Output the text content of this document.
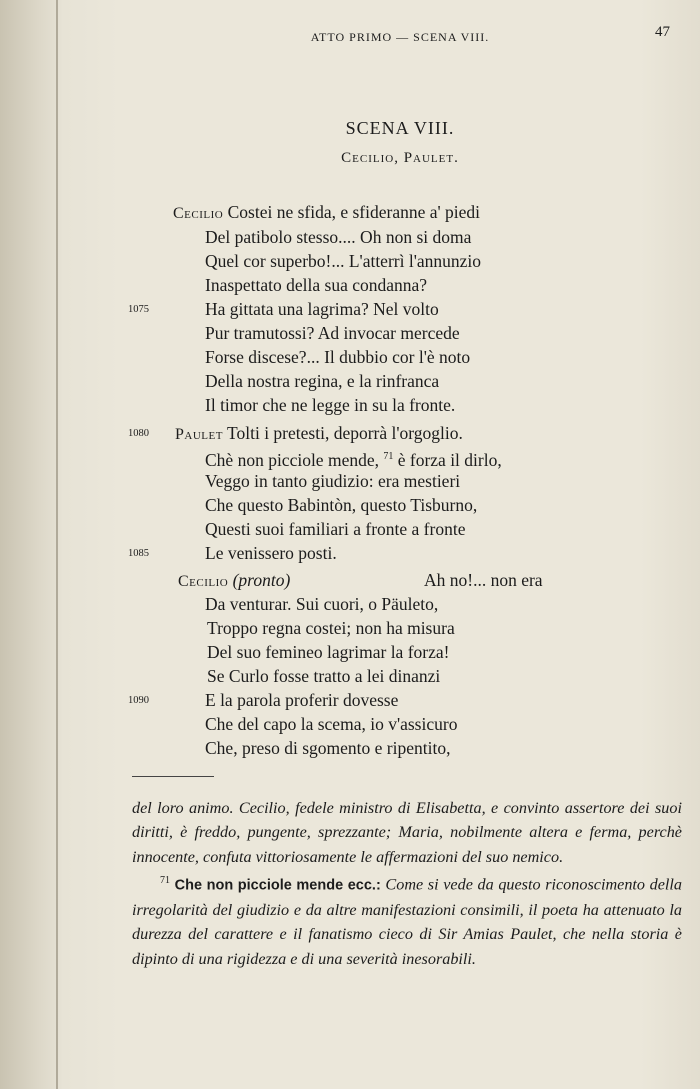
ATTO PRIMO — SCENA VIII.	47
SCENA VIII.
Cecilio, Paulet.
Cecilio Costei ne sfida, e sfideranne a' piedi
Del patibolo stesso.... Oh non si doma
Quel cor superbo!... L'atterrì l'annunzio
Inaspettato della sua condanna?
1075	Ha gittata una lagrima? Nel volto
Pur tramutossi? Ad invocar mercede
Forse discese?... Il dubbio cor l'è noto
Della nostra regina, e la rinfranca
Il timor che ne legge in su la fronte.
1080 Paulet Tolti i pretesti, deporrà l'orgoglio.
Chè non picciole mende, $^{71}$ è forza il dirlo,
Veggo in tanto giudizio: era mestieri
Che questo Babintòn, questo Tisburno,
Questi suoi familiari a fronte a fronte
1085	Le venissero posti.
Cecilio (pronto)	Ah no!... non era
Da venturar. Sui cuori, o Päuleto,
Troppo regna costei; non ha misura
Del suo femineo lagrimar la forza!
Se Curlo fosse tratto a lei dinanzi
1090	E la parola proferir dovesse
Che del capo la scema, io v'assicuro
Che, preso di sgomento e ripentito,

del loro animo. Cecilio, fedele ministro di Elisabetta, e convinto assertore dei suoi diritti, è freddo, pungente, sprezzante; Maria, nobilmente altera e ferma, perchè innocente, confuta vittoriosamente le affermazioni del suo nemico.

$^{71}$ Che non picciole mende ecc.: Come si vede da questo riconoscimento della irregolarità del giudizio e da altre manifestazioni consimili, il poeta ha attenuato la durezza del carattere e il fanatismo cieco di Sir Amias Paulet, che nella storia è dipinto di una rigidezza e di una severità inesorabili.
